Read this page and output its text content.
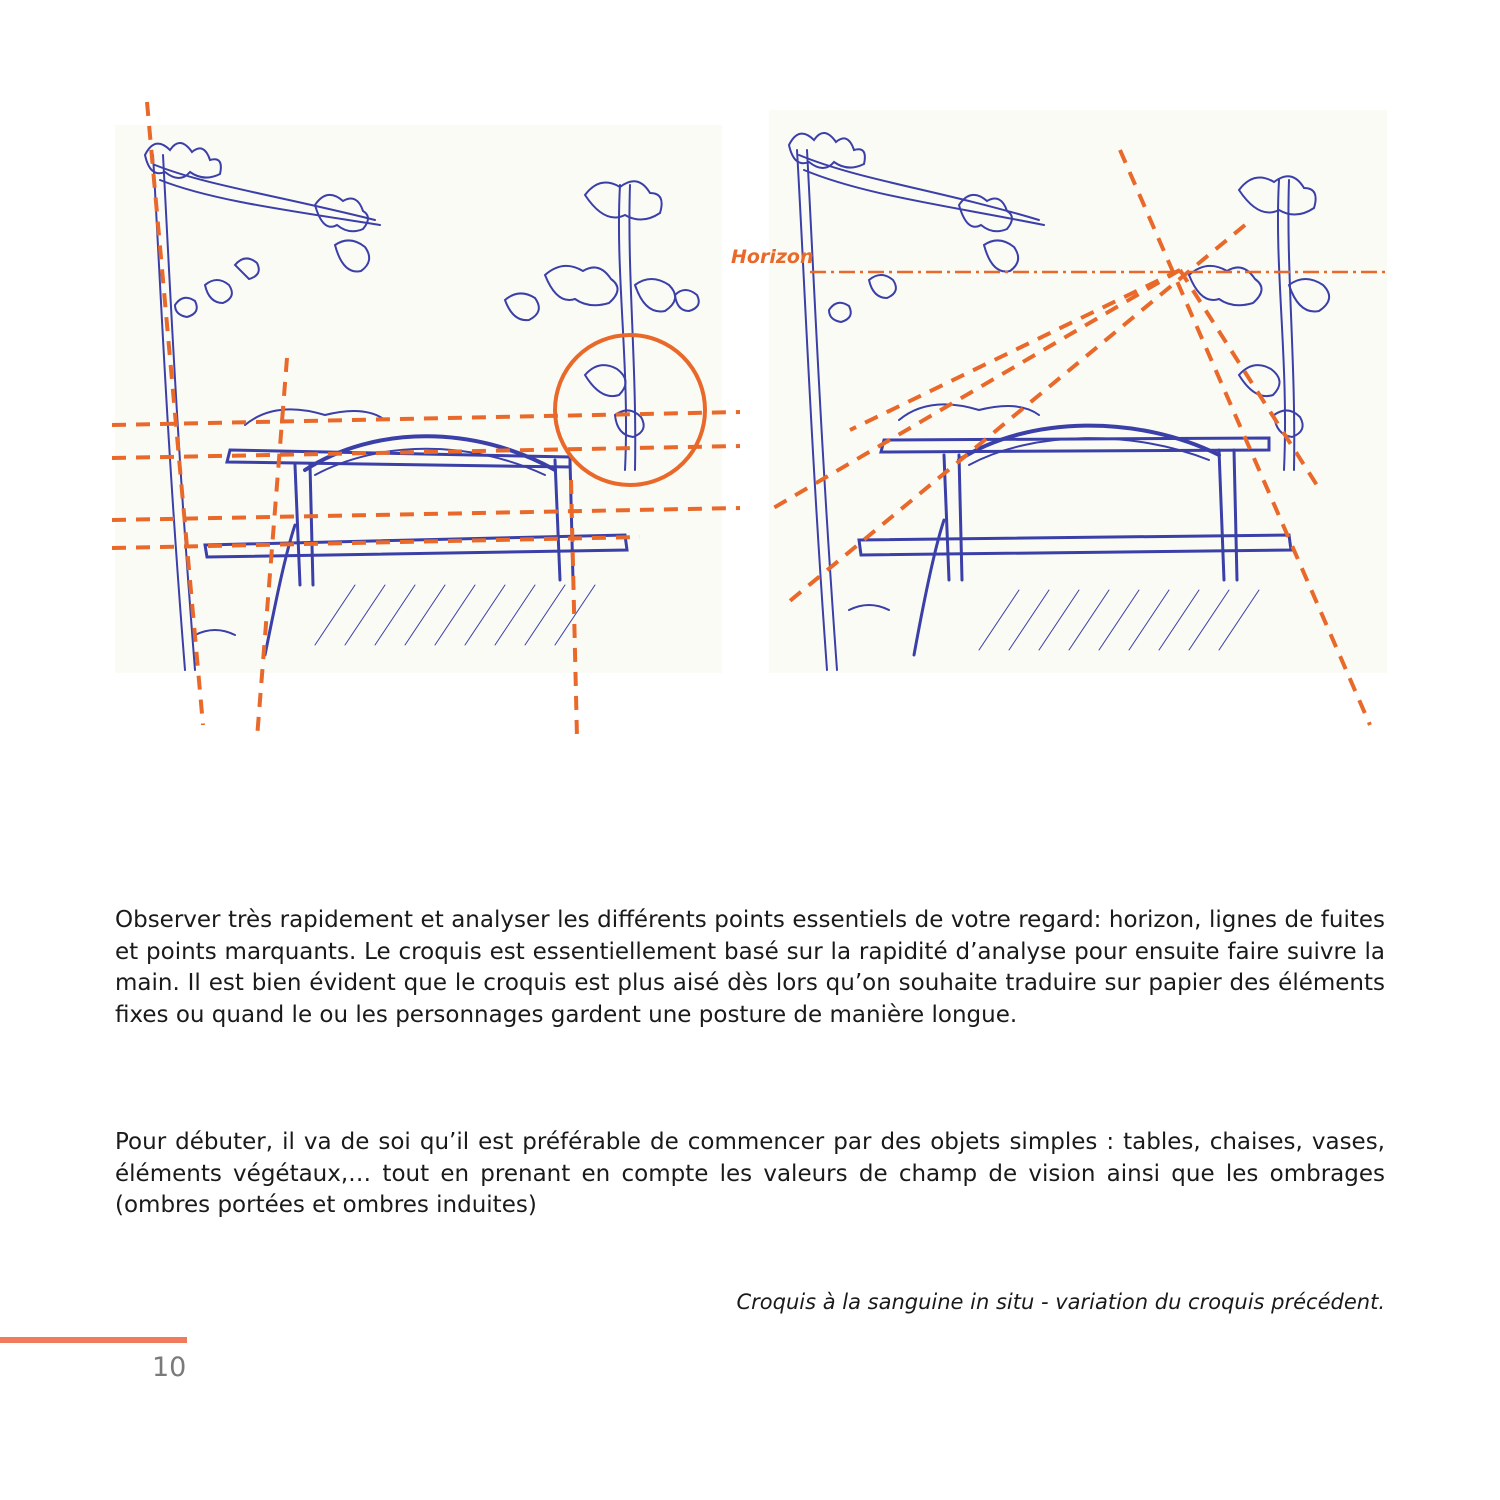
Horizon

Observer très rapidement et analyser les différents points essentiels de votre regard: horizon, lignes de fuites et points marquants. Le croquis est essentiellement basé sur la rapidité d’analyse pour ensuite faire suivre la main. Il est bien évident que le croquis est plus aisé dès lors qu’on souhaite traduire sur papier des éléments fixes ou quand le ou les personnages gardent une posture de manière longue.

Pour débuter, il va de soi qu’il est préférable de commencer par des objets simples : tables, chaises, vases, éléments végétaux,… tout en prenant en compte les valeurs de champ de vision ainsi que les ombrages (ombres portées et ombres induites)

Croquis à la sanguine in situ - variation du croquis précédent.

10
